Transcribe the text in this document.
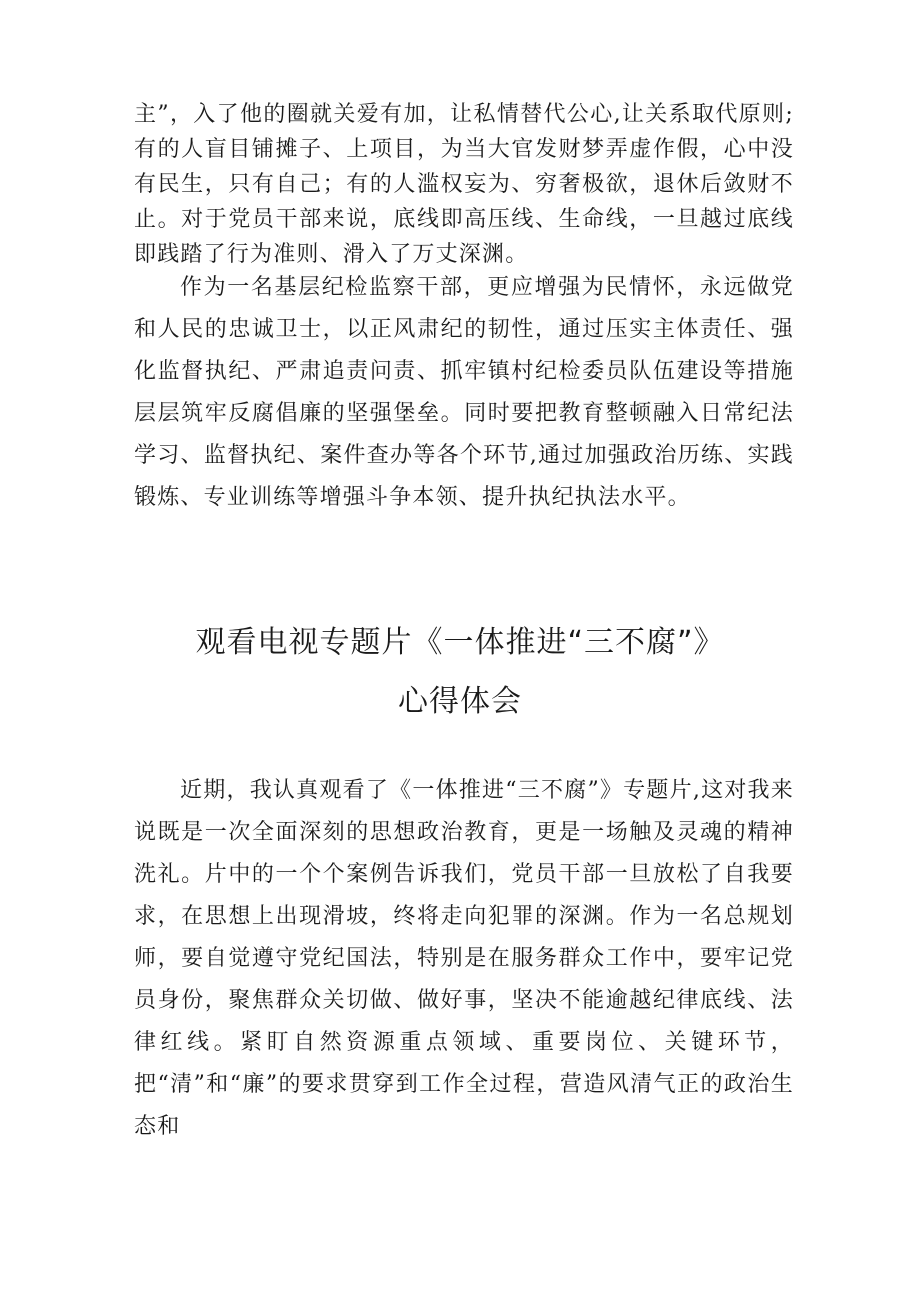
主”，入了他的圈就关爱有加，让私情替代公心,让关系取代原则;有的人盲目铺摊子、上项目，为当大官发财梦弄虚作假，心中没有民生，只有自己；有的人滥权妄为、穷奢极欲，退休后敛财不止。对于党员干部来说，底线即高压线、生命线，一旦越过底线即践踏了行为准则、滑入了万丈深渊。

作为一名基层纪检监察干部，更应增强为民情怀，永远做党和人民的忠诚卫士，以正风肃纪的韧性，通过压实主体责任、强化监督执纪、严肃追责问责、抓牢镇村纪检委员队伍建设等措施层层筑牢反腐倡廉的坚强堡垒。同时要把教育整顿融入日常纪法学习、监督执纪、案件查办等各个环节,通过加强政治历练、实践锻炼、专业训练等增强斗争本领、提升执纪执法水平。

观看电视专题片《一体推进“三不腐”》
心得体会

近期，我认真观看了《一体推进“三不腐”》专题片,这对我来说既是一次全面深刻的思想政治教育，更是一场触及灵魂的精神洗礼。片中的一个个案例告诉我们，党员干部一旦放松了自我要求，在思想上出现滑坡，终将走向犯罪的深渊。作为一名总规划师，要自觉遵守党纪国法，特别是在服务群众工作中，要牢记党员身份，聚焦群众关切做、做好事，坚决不能逾越纪律底线、法律红线。紧盯自然资源重点领域、重要岗位、关键环节，把“清”和“廉”的要求贯穿到工作全过程，营造风清气正的政治生态和
